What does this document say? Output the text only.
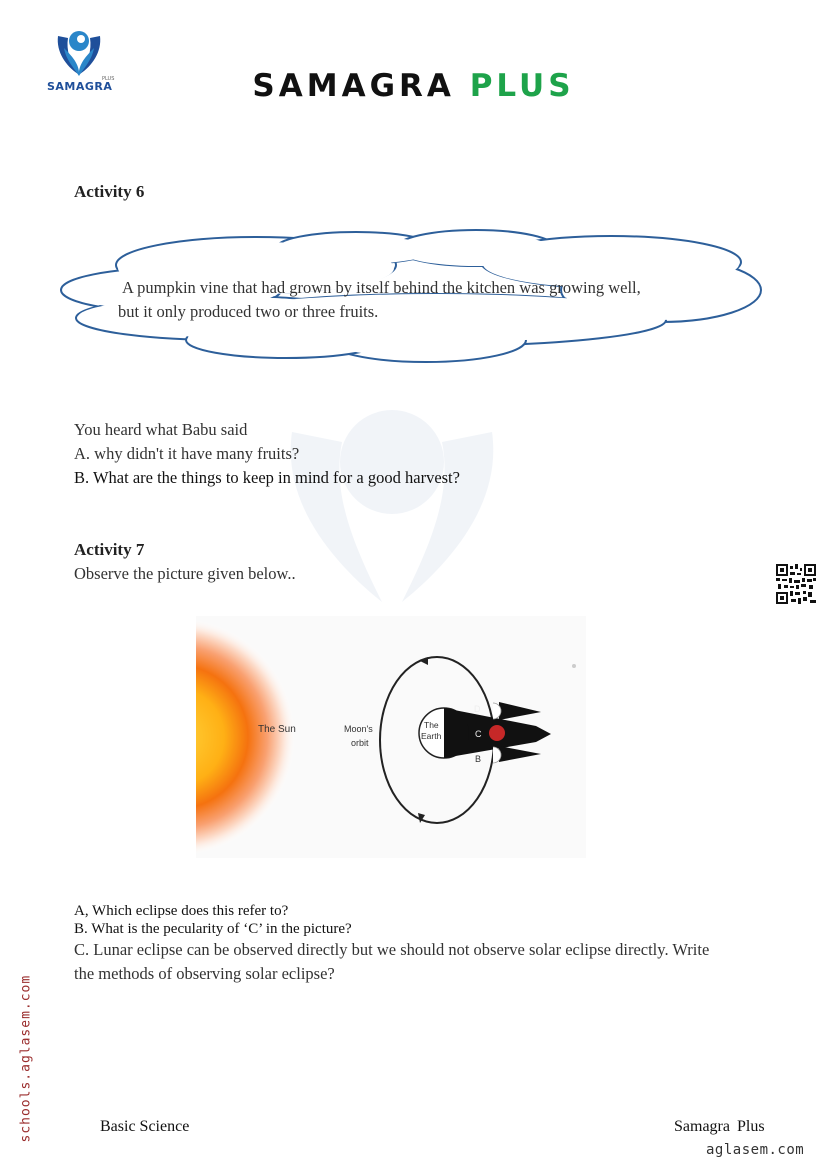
SAMAGRA
PLUS	SAMAGRA PLUS
Activity 6
A pumpkin vine that had grown by itself behind the kitchen was growing well,
but it only produced two or three fruits.
You heard what Babu said
A. why didn't it have many fruits?
B. What are the things to keep in mind for a good harvest?
Activity 7
Observe the picture given below..
The Sun	Moon's
orbit
The
Earth
D
C
B
A, Which eclipse does this refer to?
B. What is the pecularity of ‘C’ in the picture?
C. Lunar eclipse can be observed directly but we should not observe solar eclipse directly. Write
the methods of observing solar eclipse?
schools.aglasem.com	Basic Science	Samagra Plus
aglasem.com
